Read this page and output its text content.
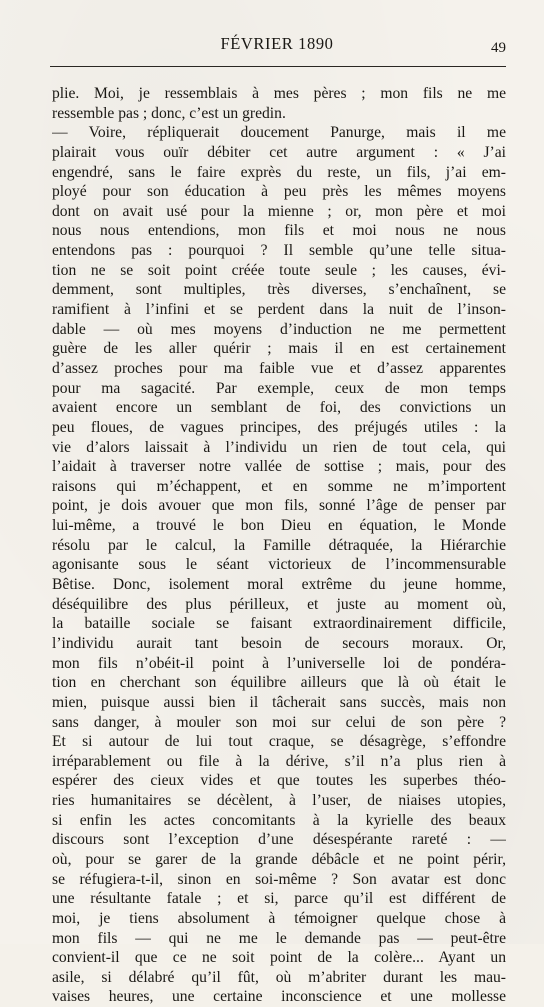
FÉVRIER 1890	49
plie. Moi, je ressemblais à mes pères ; mon fils ne me
ressemble pas ; donc, c’est un gredin.
— Voire, répliquerait doucement Panurge, mais il me
plairait vous ouïr débiter cet autre argument : « J’ai
engendré, sans le faire exprès du reste, un fils, j’ai em-
ployé pour son éducation à peu près les mêmes moyens
dont on avait usé pour la mienne ; or, mon père et moi
nous nous entendions, mon fils et moi nous ne nous
entendons pas : pourquoi ? Il semble qu’une telle situa-
tion ne se soit point créée toute seule ; les causes, évi-
demment, sont multiples, très diverses, s’enchaînent, se
ramifient à l’infini et se perdent dans la nuit de l’inson-
dable — où mes moyens d’induction ne me permettent
guère de les aller quérir ; mais il en est certainement
d’assez proches pour ma faible vue et d’assez apparentes
pour ma sagacité. Par exemple, ceux de mon temps
avaient encore un semblant de foi, des convictions un
peu floues, de vagues principes, des préjugés utiles : la
vie d’alors laissait à l’individu un rien de tout cela, qui
l’aidait à traverser notre vallée de sottise ; mais, pour des
raisons qui m’échappent, et en somme ne m’importent
point, je dois avouer que mon fils, sonné l’âge de penser par
lui-même, a trouvé le bon Dieu en équation, le Monde
résolu par le calcul, la Famille détraquée, la Hiérarchie
agonisante sous le séant victorieux de l’incommensurable
Bêtise. Donc, isolement moral extrême du jeune homme,
déséquilibre des plus périlleux, et juste au moment où,
la bataille sociale se faisant extraordinairement difficile,
l’individu aurait tant besoin de secours moraux. Or,
mon fils n’obéit-il point à l’universelle loi de pondéra-
tion en cherchant son équilibre ailleurs que là où était le
mien, puisque aussi bien il tâcherait sans succès, mais non
sans danger, à mouler son moi sur celui de son père ?
Et si autour de lui tout craque, se désagrège, s’effondre
irréparablement ou file à la dérive, s’il n’a plus rien à
espérer des cieux vides et que toutes les superbes théo-
ries humanitaires se décèlent, à l’user, de niaises utopies,
si enfin les actes concomitants à la kyrielle des beaux
discours sont l’exception d’une désespérante rareté : —
où, pour se garer de la grande débâcle et ne point périr,
se réfugiera-t-il, sinon en soi-même ? Son avatar est donc
une résultante fatale ; et si, parce qu’il est différent de
moi, je tiens absolument à témoigner quelque chose à
mon fils — qui ne me le demande pas — peut-être
convient-il que ce ne soit point de la colère... Ayant un
asile, si délabré qu’il fût, où m’abriter durant les mau-
vaises heures, une certaine inconscience et une mollesse
